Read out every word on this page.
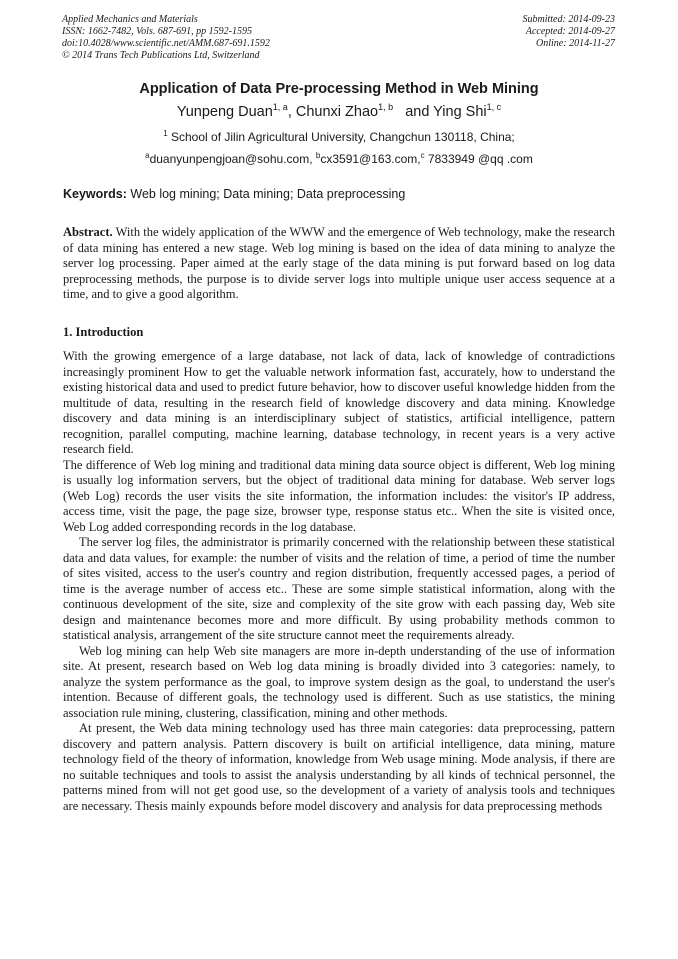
Applied Mechanics and Materials
ISSN: 1662-7482, Vols. 687-691, pp 1592-1595
doi:10.4028/www.scientific.net/AMM.687-691.1592
© 2014 Trans Tech Publications Ltd, Switzerland
Submitted: 2014-09-23
Accepted: 2014-09-27
Online: 2014-11-27
Application of Data Pre-processing Method in Web Mining
Yunpeng Duan$^{1, a}$, Chunxi Zhao$^{1, b}$   and Ying Shi$^{1, c}$
$^1$ School of Jilin Agricultural University, Changchun 130118, China;
$^a$duanyunpengjoan@sohu.com, $^b$cx3591@163.com,$^c$ 7833949 @qq .com
Keywords: Web log mining; Data mining; Data preprocessing

Abstract. With the widely application of the WWW and the emergence of Web technology, make the research of data mining has entered a new stage. Web log mining is based on the idea of data mining to analyze the server log processing. Paper aimed at the early stage of the data mining is put forward based on log data preprocessing methods, the purpose is to divide server logs into multiple unique user access sequence at a time, and to give a good algorithm.

1. Introduction

With the growing emergence of a large database, not lack of data, lack of knowledge of contradictions increasingly prominent How to get the valuable network information fast, accurately, how to understand the existing historical data and used to predict future behavior, how to discover useful knowledge hidden from the multitude of data, resulting in the research field of knowledge discovery and data mining. Knowledge discovery and data mining is an interdisciplinary subject of statistics, artificial intelligence, pattern recognition, parallel computing, machine learning, database technology, in recent years is a very active research field.

The difference of Web log mining and traditional data mining data source object is different, Web log mining is usually log information servers, but the object of traditional data mining for database. Web server logs (Web Log) records the user visits the site information, the information includes: the visitor's IP address, access time, visit the page, the page size, browser type, response status etc.. When the site is visited once, Web Log added corresponding records in the log database.

The server log files, the administrator is primarily concerned with the relationship between these statistical data and data values, for example: the number of visits and the relation of time, a period of time the number of sites visited, access to the user's country and region distribution, frequently accessed pages, a period of time is the average number of access etc.. These are some simple statistical information, along with the continuous development of the site, size and complexity of the site grow with each passing day, Web site design and maintenance becomes more and more difficult. By using probability methods common to statistical analysis, arrangement of the site structure cannot meet the requirements already.

Web log mining can help Web site managers are more in-depth understanding of the use of information site. At present, research based on Web log data mining is broadly divided into 3 categories: namely, to analyze the system performance as the goal, to improve system design as the goal, to understand the user's intention. Because of different goals, the technology used is different. Such as use statistics, the mining association rule mining, clustering, classification, mining and other methods.

At present, the Web data mining technology used has three main categories: data preprocessing, pattern discovery and pattern analysis. Pattern discovery is built on artificial intelligence, data mining, mature technology field of the theory of information, knowledge from Web usage mining. Mode analysis, if there are no suitable techniques and tools to assist the analysis understanding by all kinds of technical personnel, the patterns mined from will not get good use, so the development of a variety of analysis tools and techniques are necessary. Thesis mainly expounds before model discovery and analysis for data preprocessing methods
